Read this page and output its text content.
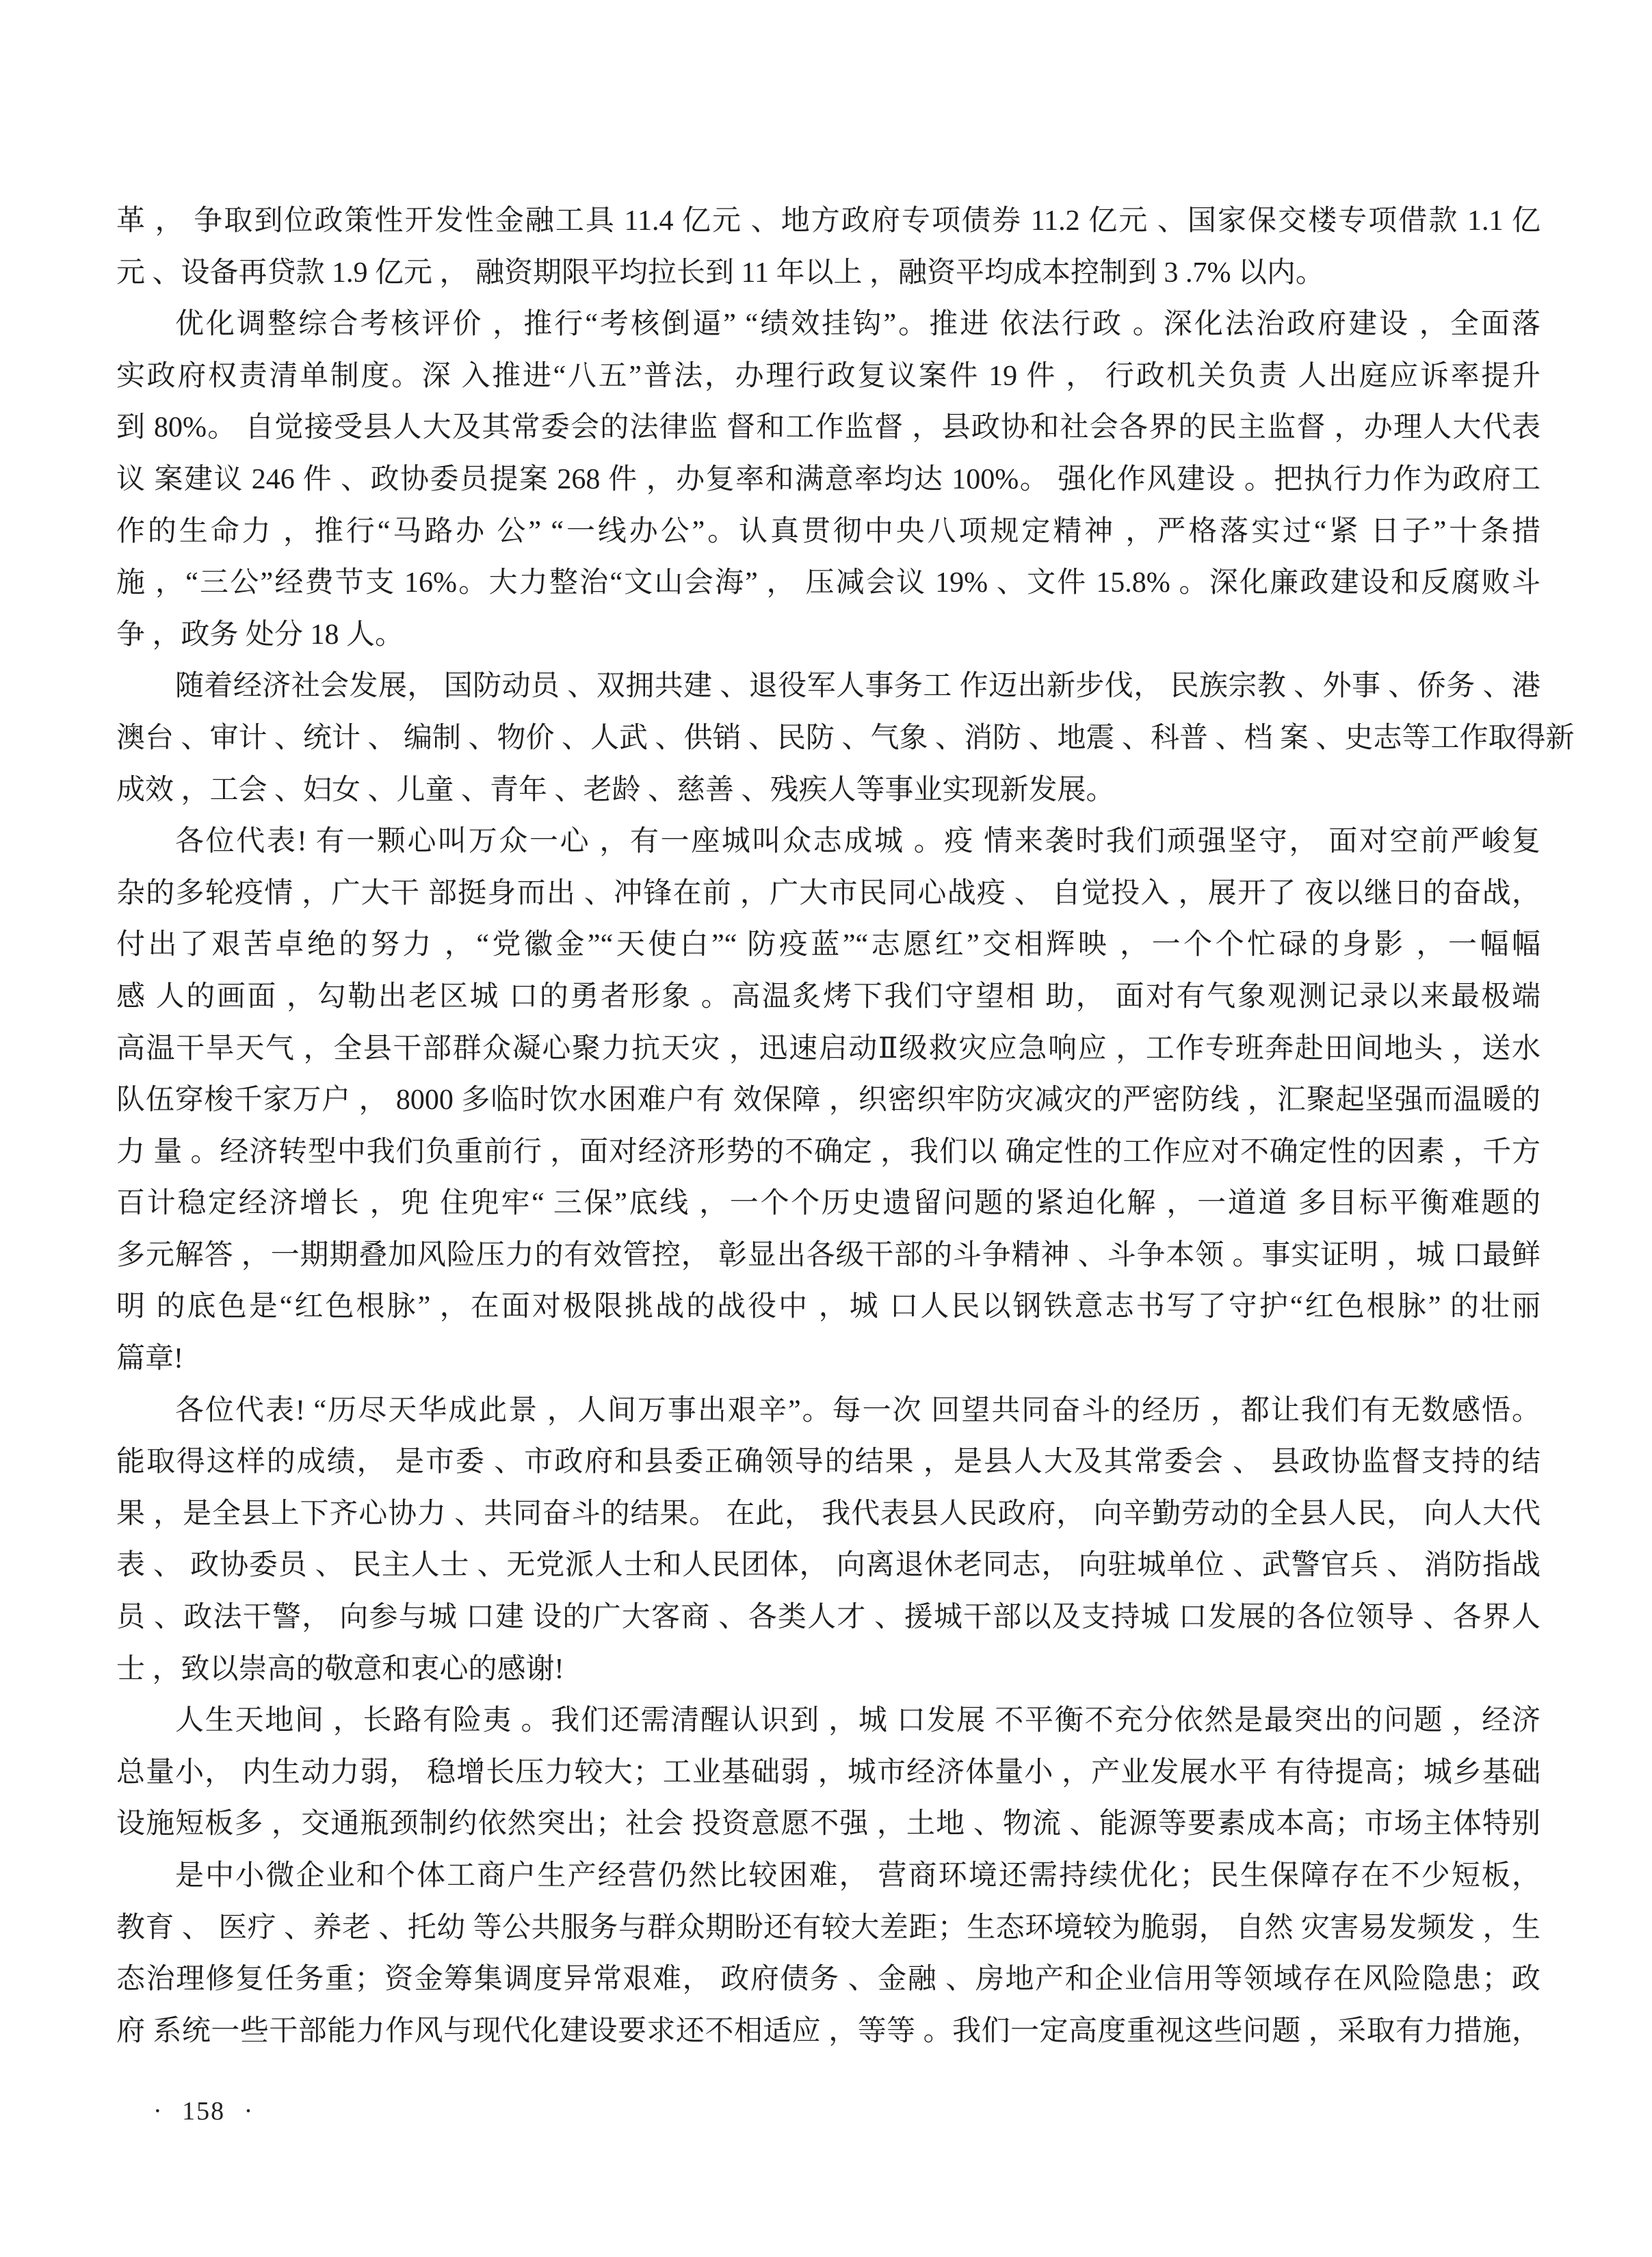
革 ， 争取到位政策性开发性金融工具 11.4 亿元 、地方政府专项债券 11.2 亿元 、国家保交楼专项借款 1.1 亿
元 、设备再贷款 1.9 亿元 ， 融资期限平均拉长到 11 年以上 ，融资平均成本控制到 3 .7% 以内。
优化调整综合考核评价 ，推行“考核倒逼” “绩效挂钩”。推进 依法行政 。深化法治政府建设 ，全面落
实政府权责清单制度。深 入推进“八五”普法，办理行政复议案件 19 件 ， 行政机关负责 人出庭应诉率提升
到 80%。 自觉接受县人大及其常委会的法律监 督和工作监督 ，县政协和社会各界的民主监督 ，办理人大代表
议 案建议 246 件 、政协委员提案 268 件 ，办复率和满意率均达 100%。 强化作风建设 。把执行力作为政府工
作的生命力 ，推行“马路办 公” “一线办公”。认真贯彻中央八项规定精神 ，严格落实过“紧 日子”十条措
施 ，“三公”经费节支 16%。大力整治“文山会海” ， 压减会议 19% 、文件 15.8% 。深化廉政建设和反腐败斗
争 ，政务 处分 18 人。
随着经济社会发展， 国防动员 、双拥共建 、退役军人事务工 作迈出新步伐， 民族宗教 、外事 、侨务 、港
澳台 、审计 、统计 、 编制 、物价 、人武 、供销 、民防 、气象 、消防 、地震 、科普 、档 案 、史志等工作取得新
成效 ，工会 、妇女 、儿童 、青年 、老龄 、慈善 、残疾人等事业实现新发展。
各位代表! 有一颗心叫万众一心 ，有一座城叫众志成城 。疫 情来袭时我们顽强坚守， 面对空前严峻复
杂的多轮疫情 ，广大干 部挺身而出 、冲锋在前 ，广大市民同心战疫 、 自觉投入 ，展开了 夜以继日的奋战，
付出了艰苦卓绝的努力 ，“党徽金”“天使白”“ 防疫蓝”“志愿红”交相辉映 ，一个个忙碌的身影 ，一幅幅
感 人的画面 ，勾勒出老区城 口的勇者形象 。高温炙烤下我们守望相 助， 面对有气象观测记录以来最极端
高温干旱天气 ，全县干部群众凝心聚力抗天灾 ，迅速启动Ⅱ级救灾应急响应 ，工作专班奔赴田间地头 ，送水
队伍穿梭千家万户 ， 8000 多临时饮水困难户有 效保障 ，织密织牢防灾减灾的严密防线 ，汇聚起坚强而温暖的
力 量 。经济转型中我们负重前行 ，面对经济形势的不确定 ，我们以 确定性的工作应对不确定性的因素 ，千方
百计稳定经济增长 ，兜 住兜牢“ 三保”底线 ，一个个历史遗留问题的紧迫化解 ，一道道 多目标平衡难题的
多元解答 ，一期期叠加风险压力的有效管控， 彰显出各级干部的斗争精神 、斗争本领 。事实证明 ，城 口最鲜
明 的底色是“红色根脉” ，在面对极限挑战的战役中 ，城 口人民以钢铁意志书写了守护“红色根脉” 的壮丽
篇章!
各位代表! “历尽天华成此景 ，人间万事出艰辛”。每一次 回望共同奋斗的经历 ，都让我们有无数感悟。
能取得这样的成绩， 是市委 、市政府和县委正确领导的结果 ，是县人大及其常委会 、 县政协监督支持的结
果 ，是全县上下齐心协力 、共同奋斗的结果。 在此， 我代表县人民政府， 向辛勤劳动的全县人民， 向人大代
表 、 政协委员 、 民主人士 、无党派人士和人民团体， 向离退休老同志， 向驻城单位 、武警官兵 、 消防指战
员 、政法干警， 向参与城 口建 设的广大客商 、各类人才 、援城干部以及支持城 口发展的各位领导 、各界人
士 ，致以崇高的敬意和衷心的感谢!
人生天地间 ，长路有险夷 。我们还需清醒认识到 ，城 口发展 不平衡不充分依然是最突出的问题 ，经济
总量小， 内生动力弱， 稳增长压力较大；工业基础弱 ，城市经济体量小 ，产业发展水平 有待提高；城乡基础
设施短板多 ，交通瓶颈制约依然突出；社会 投资意愿不强 ，土地 、物流 、能源等要素成本高；市场主体特别
是中小微企业和个体工商户生产经营仍然比较困难， 营商环境还需持续优化；民生保障存在不少短板，
教育 、 医疗 、养老 、托幼 等公共服务与群众期盼还有较大差距；生态环境较为脆弱， 自然 灾害易发频发 ，生
态治理修复任务重；资金筹集调度异常艰难， 政府债务 、金融 、房地产和企业信用等领域存在风险隐患；政
府 系统一些干部能力作风与现代化建设要求还不相适应 ，等等 。我们一定高度重视这些问题 ，采取有力措施，
· 158 ·
